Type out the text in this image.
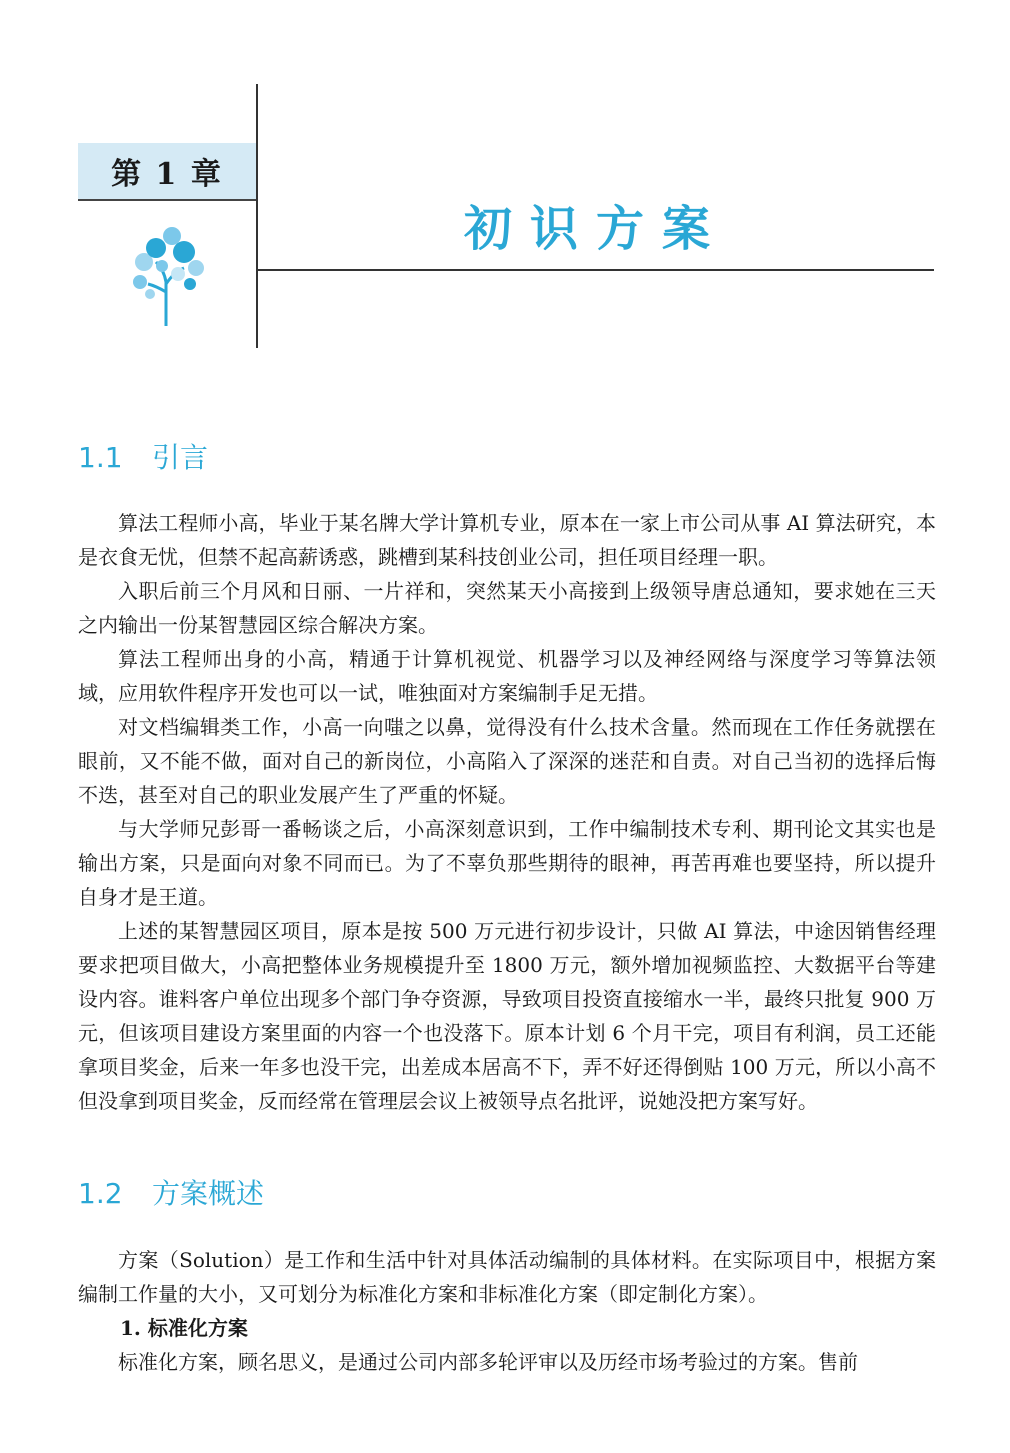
第 1 章
初识方案
1.1 引言

算法工程师小高，毕业于某名牌大学计算机专业，原本在一家上市公司从事 AI 算法研究，本是衣食无忧，但禁不起高薪诱惑，跳槽到某科技创业公司，担任项目经理一职。

入职后前三个月风和日丽、一片祥和，突然某天小高接到上级领导唐总通知，要求她在三天之内输出一份某智慧园区综合解决方案。

算法工程师出身的小高，精通于计算机视觉、机器学习以及神经网络与深度学习等算法领域，应用软件程序开发也可以一试，唯独面对方案编制手足无措。

对文档编辑类工作，小高一向嗤之以鼻，觉得没有什么技术含量。然而现在工作任务就摆在眼前，又不能不做，面对自己的新岗位，小高陷入了深深的迷茫和自责。对自己当初的选择后悔不迭，甚至对自己的职业发展产生了严重的怀疑。

与大学师兄彭哥一番畅谈之后，小高深刻意识到，工作中编制技术专利、期刊论文其实也是输出方案，只是面向对象不同而已。为了不辜负那些期待的眼神，再苦再难也要坚持，所以提升自身才是王道。

上述的某智慧园区项目，原本是按 500 万元进行初步设计，只做 AI 算法，中途因销售经理要求把项目做大，小高把整体业务规模提升至 1800 万元，额外增加视频监控、大数据平台等建设内容。谁料客户单位出现多个部门争夺资源，导致项目投资直接缩水一半，最终只批复 900 万元，但该项目建设方案里面的内容一个也没落下。原本计划 6 个月干完，项目有利润，员工还能拿项目奖金，后来一年多也没干完，出差成本居高不下，弄不好还得倒贴 100 万元，所以小高不但没拿到项目奖金，反而经常在管理层会议上被领导点名批评，说她没把方案写好。

1.2 方案概述

方案（Solution）是工作和生活中针对具体活动编制的具体材料。在实际项目中，根据方案编制工作量的大小，又可划分为标准化方案和非标准化方案（即定制化方案）。

1. 标准化方案

标准化方案，顾名思义，是通过公司内部多轮评审以及历经市场考验过的方案。售前
